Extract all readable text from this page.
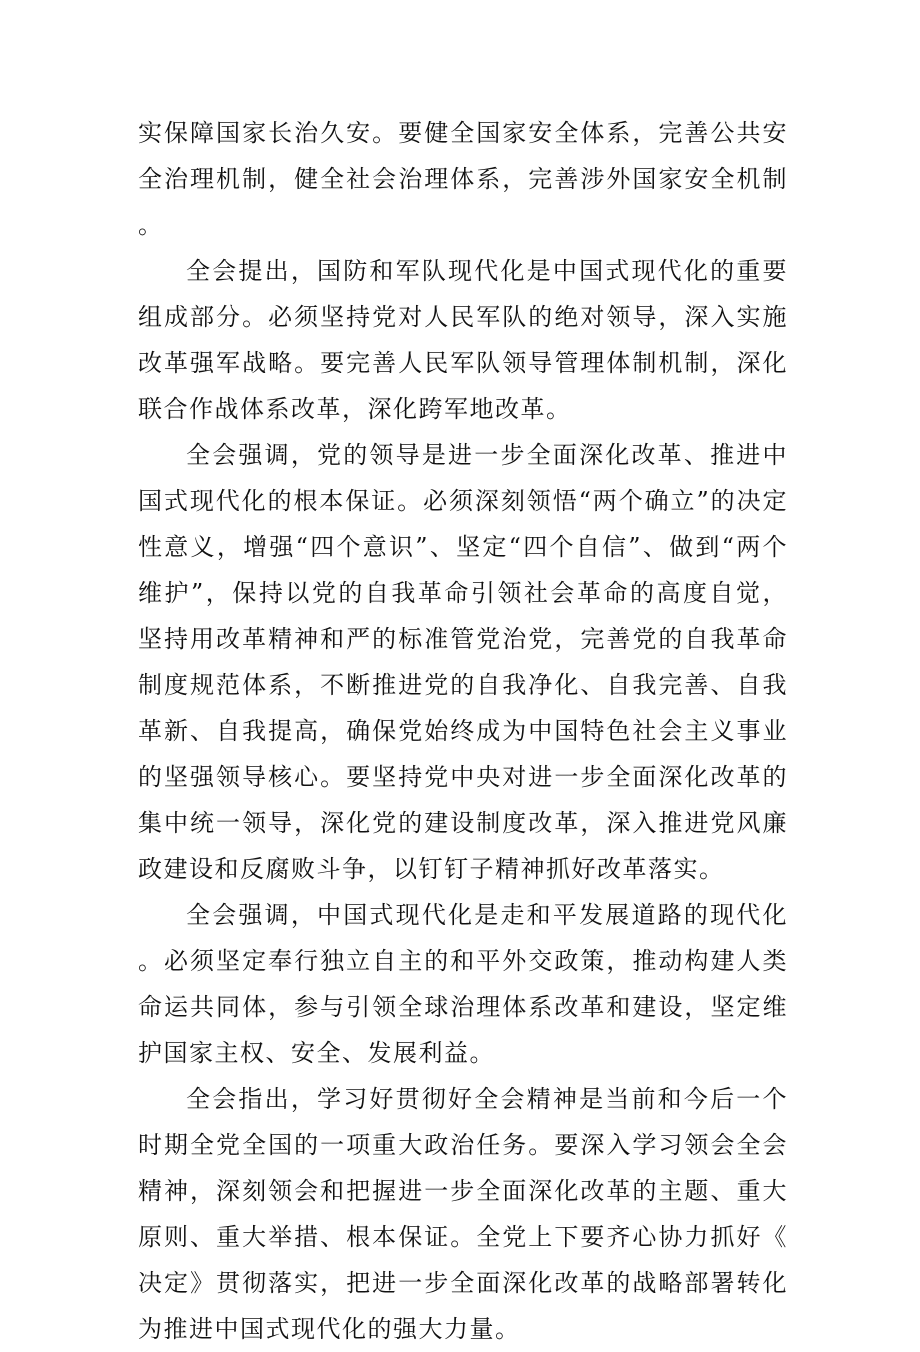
实保障国家长治久安。要健全国家安全体系，完善公共安全治理机制，健全社会治理体系，完善涉外国家安全机制。

全会提出，国防和军队现代化是中国式现代化的重要组成部分。必须坚持党对人民军队的绝对领导，深入实施改革强军战略。要完善人民军队领导管理体制机制，深化联合作战体系改革，深化跨军地改革。

全会强调，党的领导是进一步全面深化改革、推进中国式现代化的根本保证。必须深刻领悟“两个确立”的决定性意义，增强“四个意识”、坚定“四个自信”、做到“两个维护”，保持以党的自我革命引领社会革命的高度自觉，坚持用改革精神和严的标准管党治党，完善党的自我革命制度规范体系，不断推进党的自我净化、自我完善、自我革新、自我提高，确保党始终成为中国特色社会主义事业的坚强领导核心。要坚持党中央对进一步全面深化改革的集中统一领导，深化党的建设制度改革，深入推进党风廉政建设和反腐败斗争，以钉钉子精神抓好改革落实。

全会强调，中国式现代化是走和平发展道路的现代化。必须坚定奉行独立自主的和平外交政策，推动构建人类命运共同体，参与引领全球治理体系改革和建设，坚定维护国家主权、安全、发展利益。

全会指出，学习好贯彻好全会精神是当前和今后一个时期全党全国的一项重大政治任务。要深入学习领会全会精神，深刻领会和把握进一步全面深化改革的主题、重大原则、重大举措、根本保证。全党上下要齐心协力抓好《决定》贯彻落实，把进一步全面深化改革的战略部署转化为推进中国式现代化的强大力量。
